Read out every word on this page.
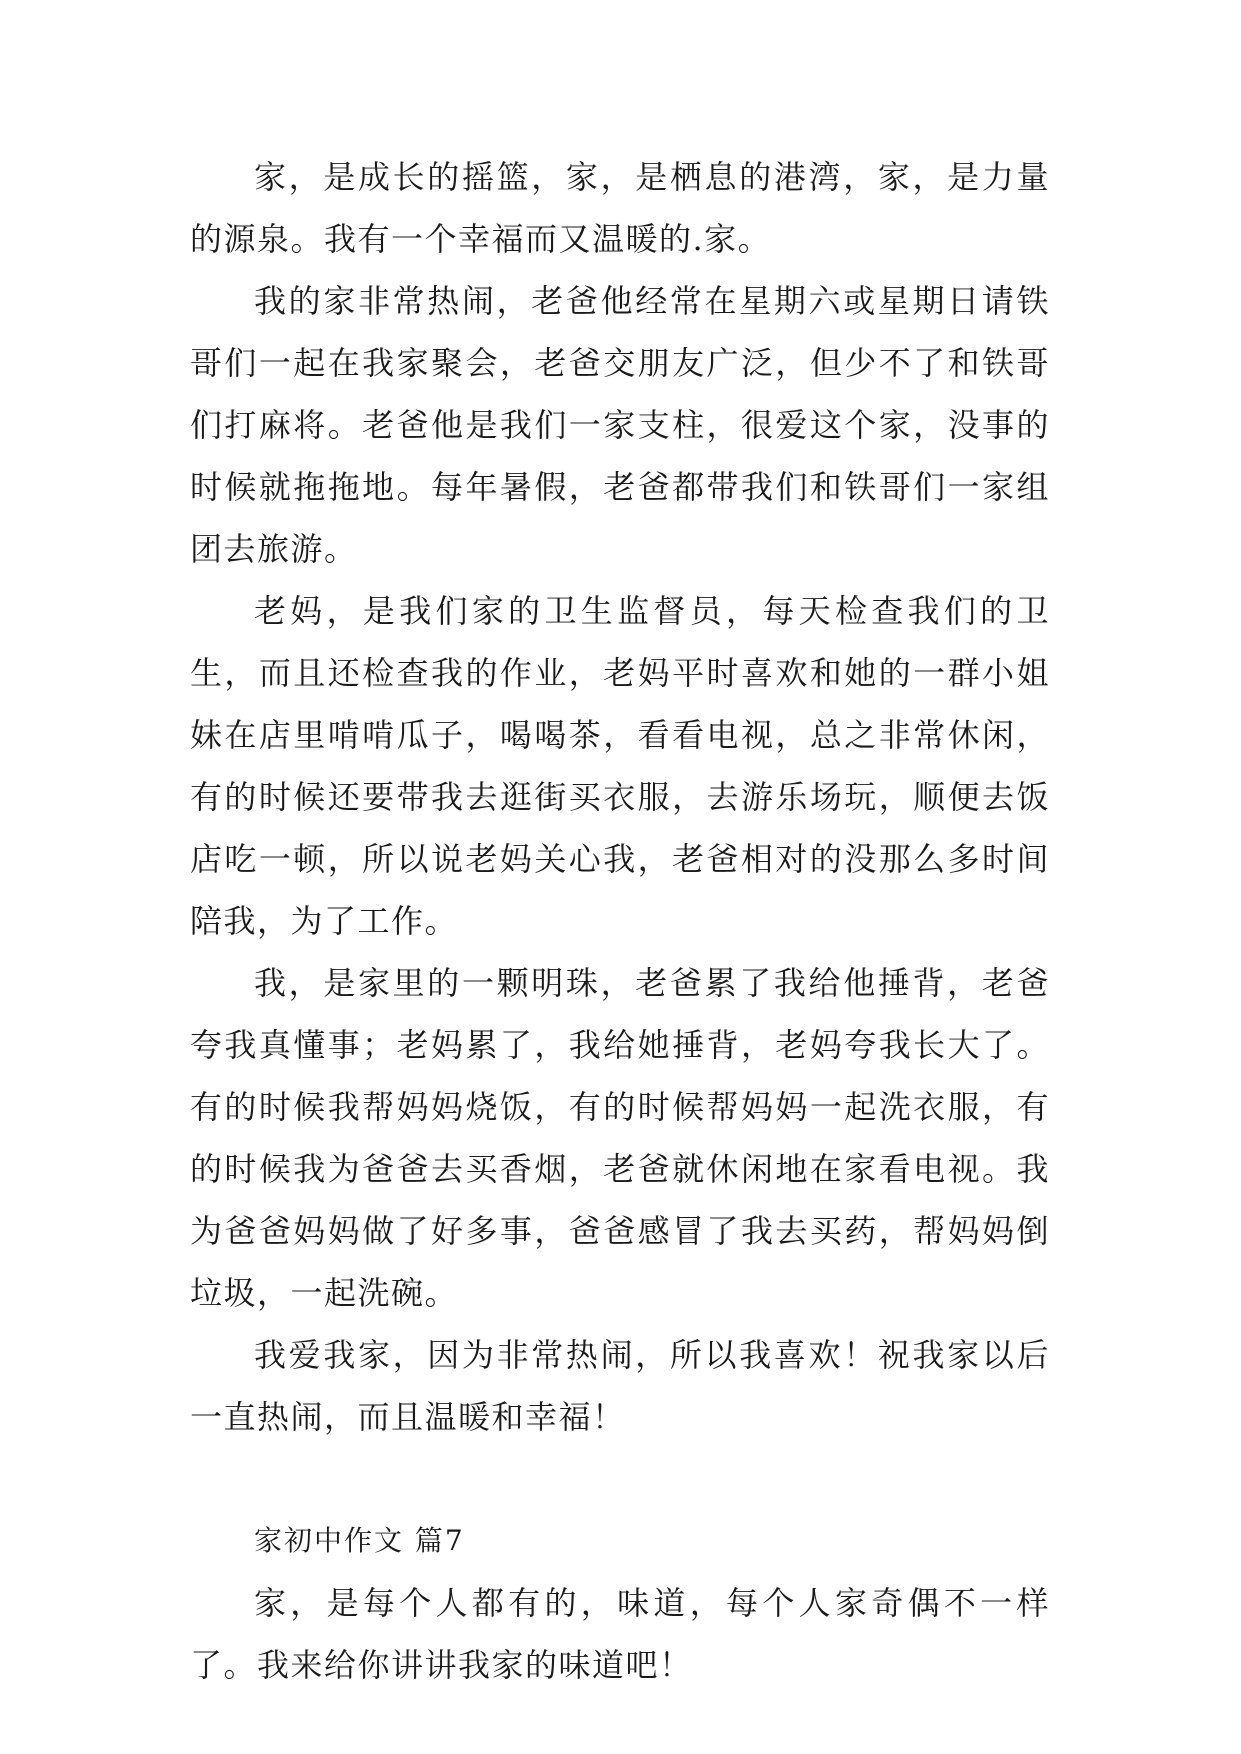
家，是成长的摇篮，家，是栖息的港湾，家，是力量的源泉。我有一个幸福而又温暖的.家。

我的家非常热闹，老爸他经常在星期六或星期日请铁哥们一起在我家聚会，老爸交朋友广泛，但少不了和铁哥们打麻将。老爸他是我们一家支柱，很爱这个家，没事的时候就拖拖地。每年暑假，老爸都带我们和铁哥们一家组团去旅游。

老妈，是我们家的卫生监督员，每天检查我们的卫生，而且还检查我的作业，老妈平时喜欢和她的一群小姐妹在店里啃啃瓜子，喝喝茶，看看电视，总之非常休闲，有的时候还要带我去逛街买衣服，去游乐场玩，顺便去饭店吃一顿，所以说老妈关心我，老爸相对的没那么多时间陪我，为了工作。

我，是家里的一颗明珠，老爸累了我给他捶背，老爸夸我真懂事；老妈累了，我给她捶背，老妈夸我长大了。有的时候我帮妈妈烧饭，有的时候帮妈妈一起洗衣服，有的时候我为爸爸去买香烟，老爸就休闲地在家看电视。我为爸爸妈妈做了好多事，爸爸感冒了我去买药，帮妈妈倒垃圾，一起洗碗。

我爱我家，因为非常热闹，所以我喜欢！祝我家以后一直热闹，而且温暖和幸福！

家初中作文 篇7

家，是每个人都有的，味道，每个人家奇偶不一样了。我来给你讲讲我家的味道吧！
